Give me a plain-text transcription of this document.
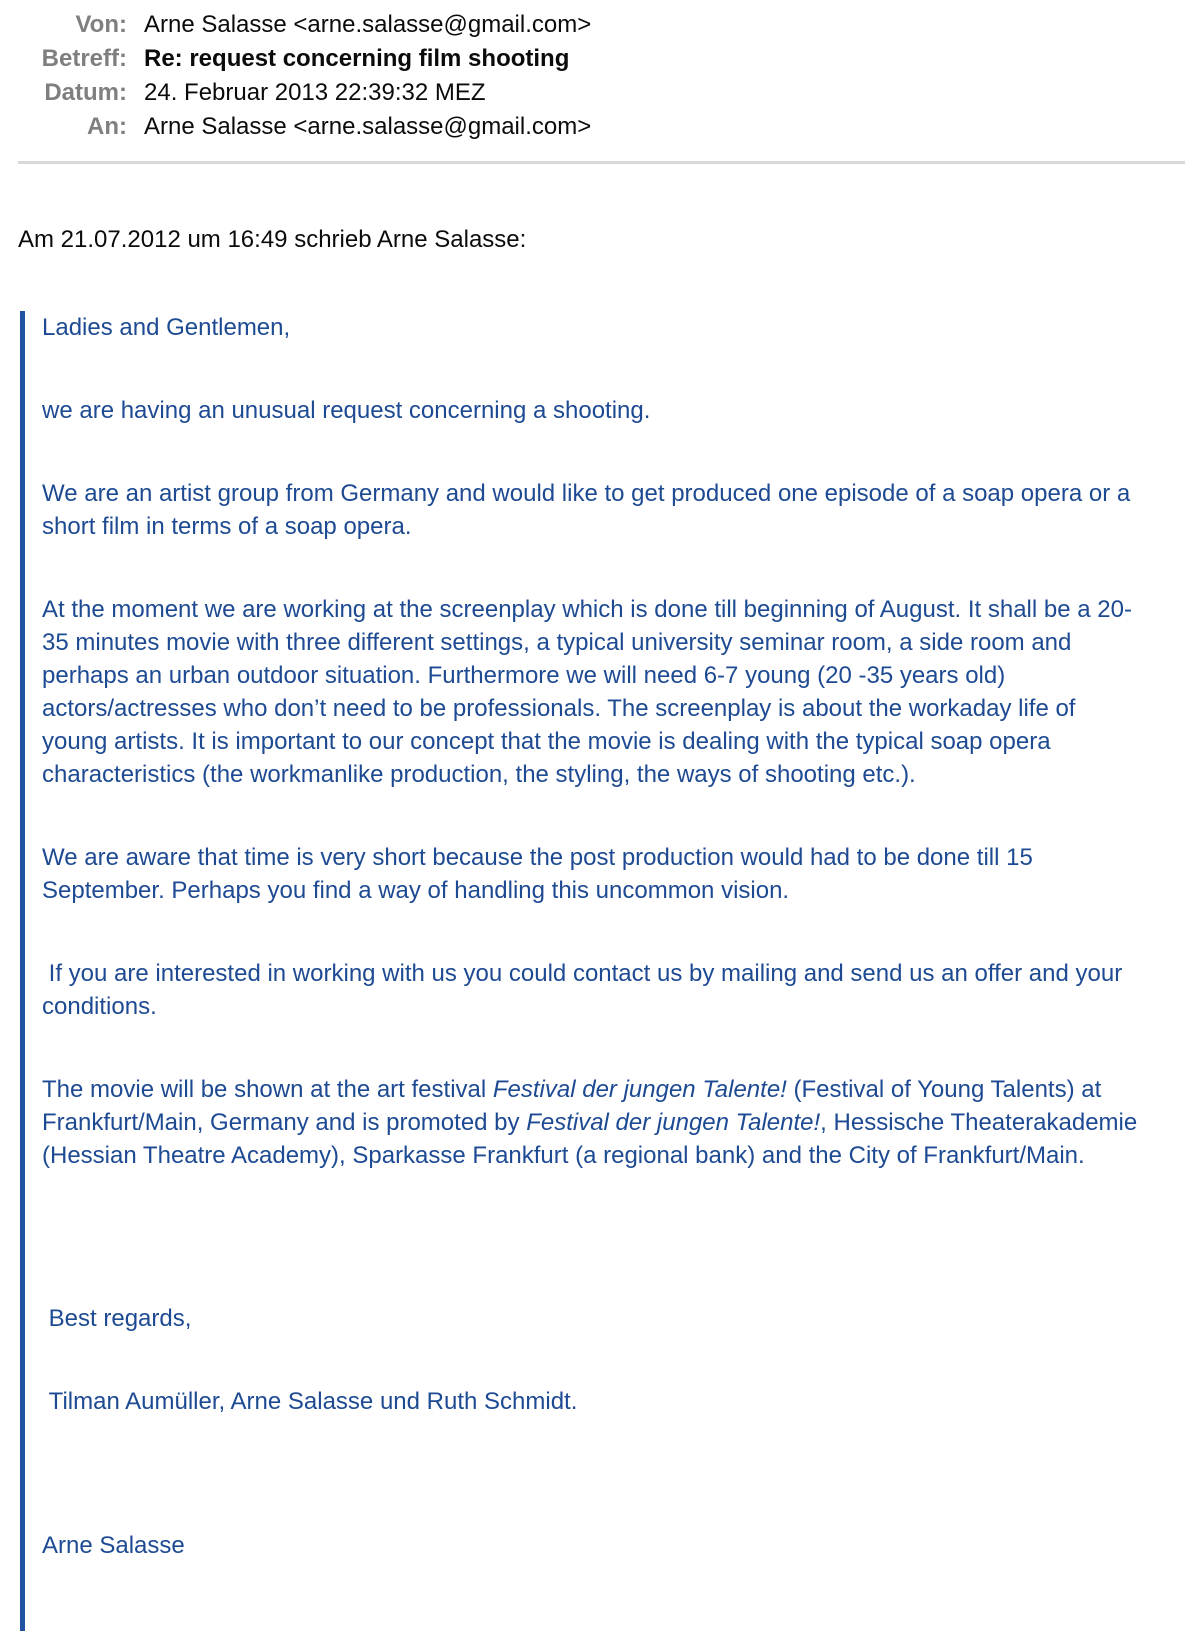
Von: Arne Salasse <arne.salasse@gmail.com>
Betreff: Re: request concerning film shooting
Datum: 24. Februar 2013 22:39:32 MEZ
An: Arne Salasse <arne.salasse@gmail.com>
Am 21.07.2012 um 16:49 schrieb Arne Salasse:

Ladies and Gentlemen,

we are having an unusual request concerning a shooting.

We are an artist group from Germany and would like to get produced one episode of a soap opera or a short film in terms of a soap opera.

At the moment we are working at the screenplay which is done till beginning of August. It shall be a 20-35 minutes movie with three different settings, a typical university seminar room, a side room and perhaps an urban outdoor situation. Furthermore we will need 6-7 young (20 -35 years old) actors/actresses who don’t need to be professionals. The screenplay is about the workaday life of young artists. It is important to our concept that the movie is dealing with the typical soap opera characteristics (the workmanlike production, the styling, the ways of shooting etc.).

We are aware that time is very short because the post production would had to be done till 15 September. Perhaps you find a way of handling this uncommon vision.

If you are interested in working with us you could contact us by mailing and send us an offer and your conditions.

The movie will be shown at the art festival Festival der jungen Talente! (Festival of Young Talents) at Frankfurt/Main, Germany and is promoted by Festival der jungen Talente!, Hessische Theaterakademie (Hessian Theatre Academy), Sparkasse Frankfurt (a regional bank) and the City of Frankfurt/Main.

Best regards,

Tilman Aumüller, Arne Salasse und Ruth Schmidt.

Arne Salasse
